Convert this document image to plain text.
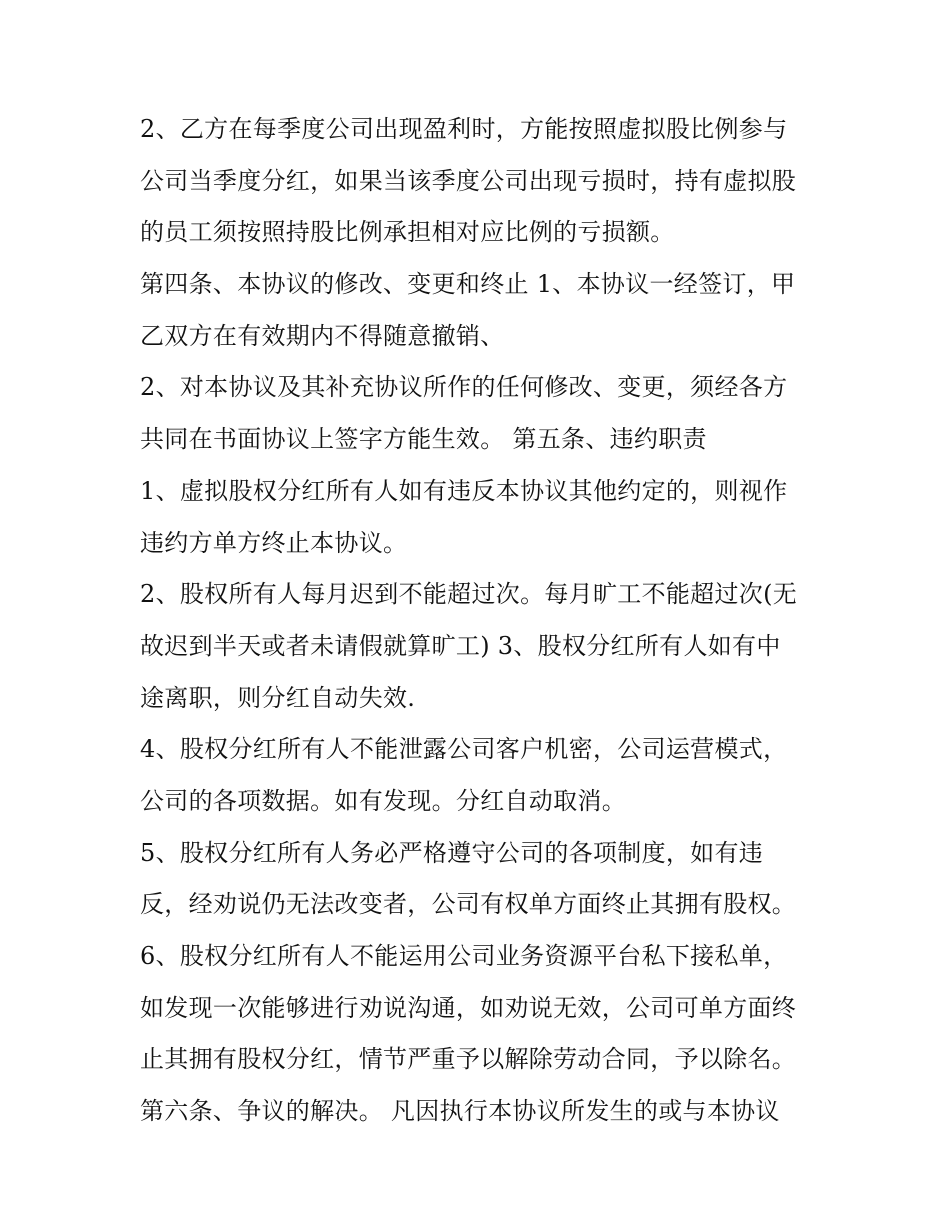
2、乙方在每季度公司出现盈利时，方能按照虚拟股比例参与
公司当季度分红，如果当该季度公司出现亏损时，持有虚拟股
的员工须按照持股比例承担相对应比例的亏损额。
第四条、本协议的修改、变更和终止 1、本协议一经签订，甲
乙双方在有效期内不得随意撤销、
2、对本协议及其补充协议所作的任何修改、变更，须经各方
共同在书面协议上签字方能生效。 第五条、违约职责
1、虚拟股权分红所有人如有违反本协议其他约定的，则视作
违约方单方终止本协议。
2、股权所有人每月迟到不能超过次。每月旷工不能超过次(无
故迟到半天或者未请假就算旷工) 3、股权分红所有人如有中
途离职，则分红自动失效.
4、股权分红所有人不能泄露公司客户机密，公司运营模式，
公司的各项数据。如有发现。分红自动取消。
5、股权分红所有人务必严格遵守公司的各项制度，如有违
反，经劝说仍无法改变者，公司有权单方面终止其拥有股权。
6、股权分红所有人不能运用公司业务资源平台私下接私单，
如发现一次能够进行劝说沟通，如劝说无效，公司可单方面终
止其拥有股权分红，情节严重予以解除劳动合同，予以除名。
第六条、争议的解决。 凡因执行本协议所发生的或与本协议
